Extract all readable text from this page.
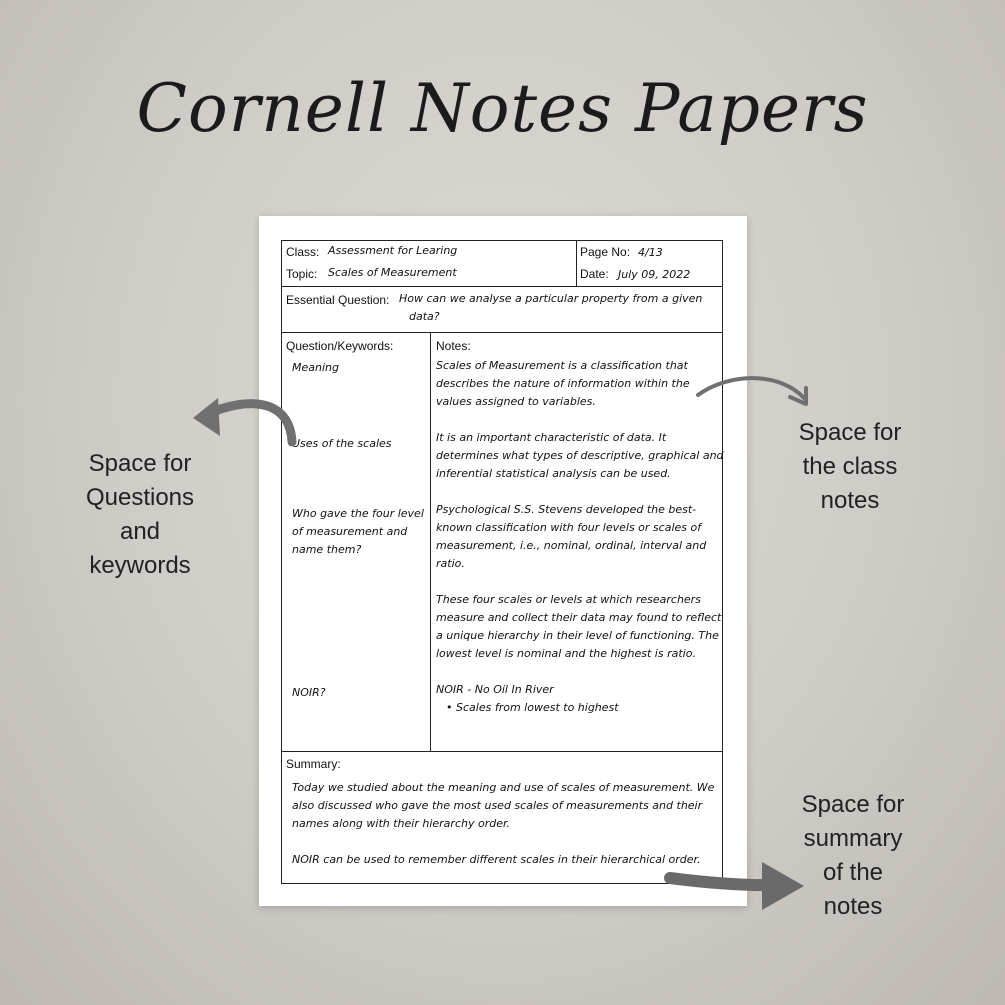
Cornell Notes Papers
Class: Assessment for Learing
Topic: Scales of Measurement
Page No: 4/13
Date: July 09, 2022
Essential Question: How can we analyse a particular property from a given
data?
Question/Keywords:
Meaning
Uses of the scales
Who gave the four level
of measurement and
name them?
NOIR?
Notes:
Scales of Measurement is a classification that
describes the nature of information within the
values assigned to variables.
It is an important characteristic of data. It
determines what types of descriptive, graphical and
inferential statistical analysis can be used.
Psychological S.S. Stevens developed the best-
known classification with four levels or scales of
measurement, i.e., nominal, ordinal, interval and
ratio.
These four scales or levels at which researchers
measure and collect their data may found to reflect
a unique hierarchy in their level of functioning. The
lowest level is nominal and the highest is ratio.
NOIR - No Oil In River
• Scales from lowest to highest
Summary:
Today we studied about the meaning and use of scales of measurement. We
also discussed who gave the most used scales of measurements and their
names along with their hierarchy order.
NOIR can be used to remember different scales in their hierarchical order.
Space for
Questions
and
keywords
Space for
the class
notes
Space for
summary
of the
notes
